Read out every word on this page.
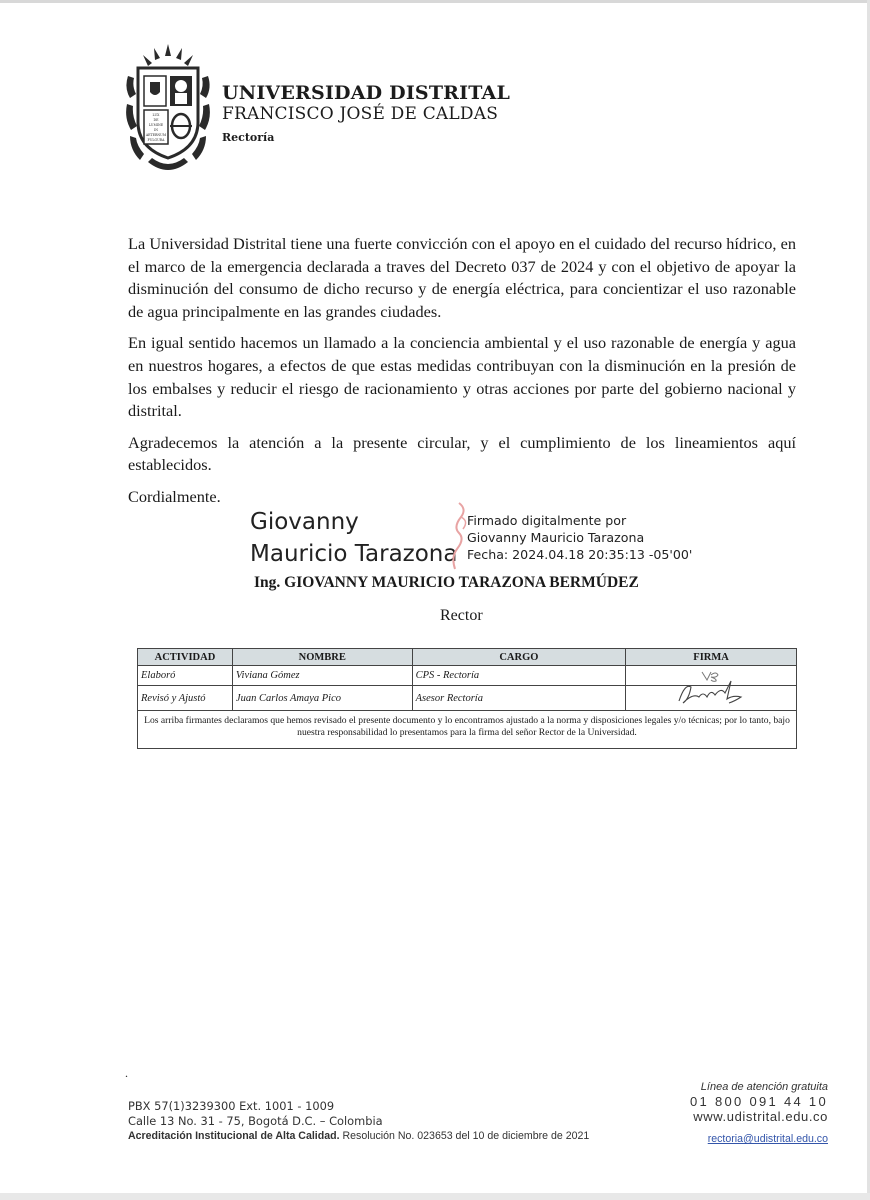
LUX
DE
LUMINE
IN
AETERNUM
FULGURA
UNIVERSIDAD DISTRITAL
FRANCISCO JOSÉ DE CALDAS
Rectoría

La Universidad Distrital tiene una fuerte convicción con el apoyo en el cuidado del recurso hídrico, en el marco de la emergencia declarada a traves del Decreto 037 de 2024 y con el objetivo de apoyar la disminución del consumo de dicho recurso y de energía eléctrica, para concientizar el uso razonable de agua principalmente en las grandes ciudades.

En igual sentido hacemos un llamado a la conciencia ambiental y el uso razonable de energía y agua en nuestros hogares, a efectos de que estas medidas contribuyan con la disminución en la presión de los embalses y reducir el riesgo de racionamiento y otras acciones por parte del gobierno nacional y distrital.

Agradecemos la atención a la presente circular, y el cumplimiento de los lineamientos aquí establecidos.

Cordialmente.

Giovanny
Mauricio Tarazona
Firmado digitalmente por
Giovanny Mauricio Tarazona
Fecha: 2024.04.18 20:35:13 -05'00'
Ing. GIOVANNY MAURICIO TARAZONA BERMÚDEZ
Rector
ACTIVIDAD	NOMBRE	CARGO	FIRMA
Elaboró	Viviana Gómez	CPS - Rectoría	

Revisó y Ajustó	Juan Carlos Amaya Pico	Asesor Rectoría	

Los arriba firmantes declaramos que hemos revisado el presente documento y lo encontramos ajustado a la norma y disposiciones legales y/o técnicas; por lo tanto, bajo nuestra responsabilidad lo presentamos para la firma del señor Rector de la Universidad.			
.
PBX 57(1)3239300 Ext. 1001 - 1009
Calle 13 No. 31 - 75, Bogotá D.C. – Colombia
Acreditación Institucional de Alta Calidad. Resolución No. 023653 del 10 de diciembre de 2021
Línea de atención gratuita
01 800 091 44 10
www.udistrital.edu.co
rectoria@udistrital.edu.co
